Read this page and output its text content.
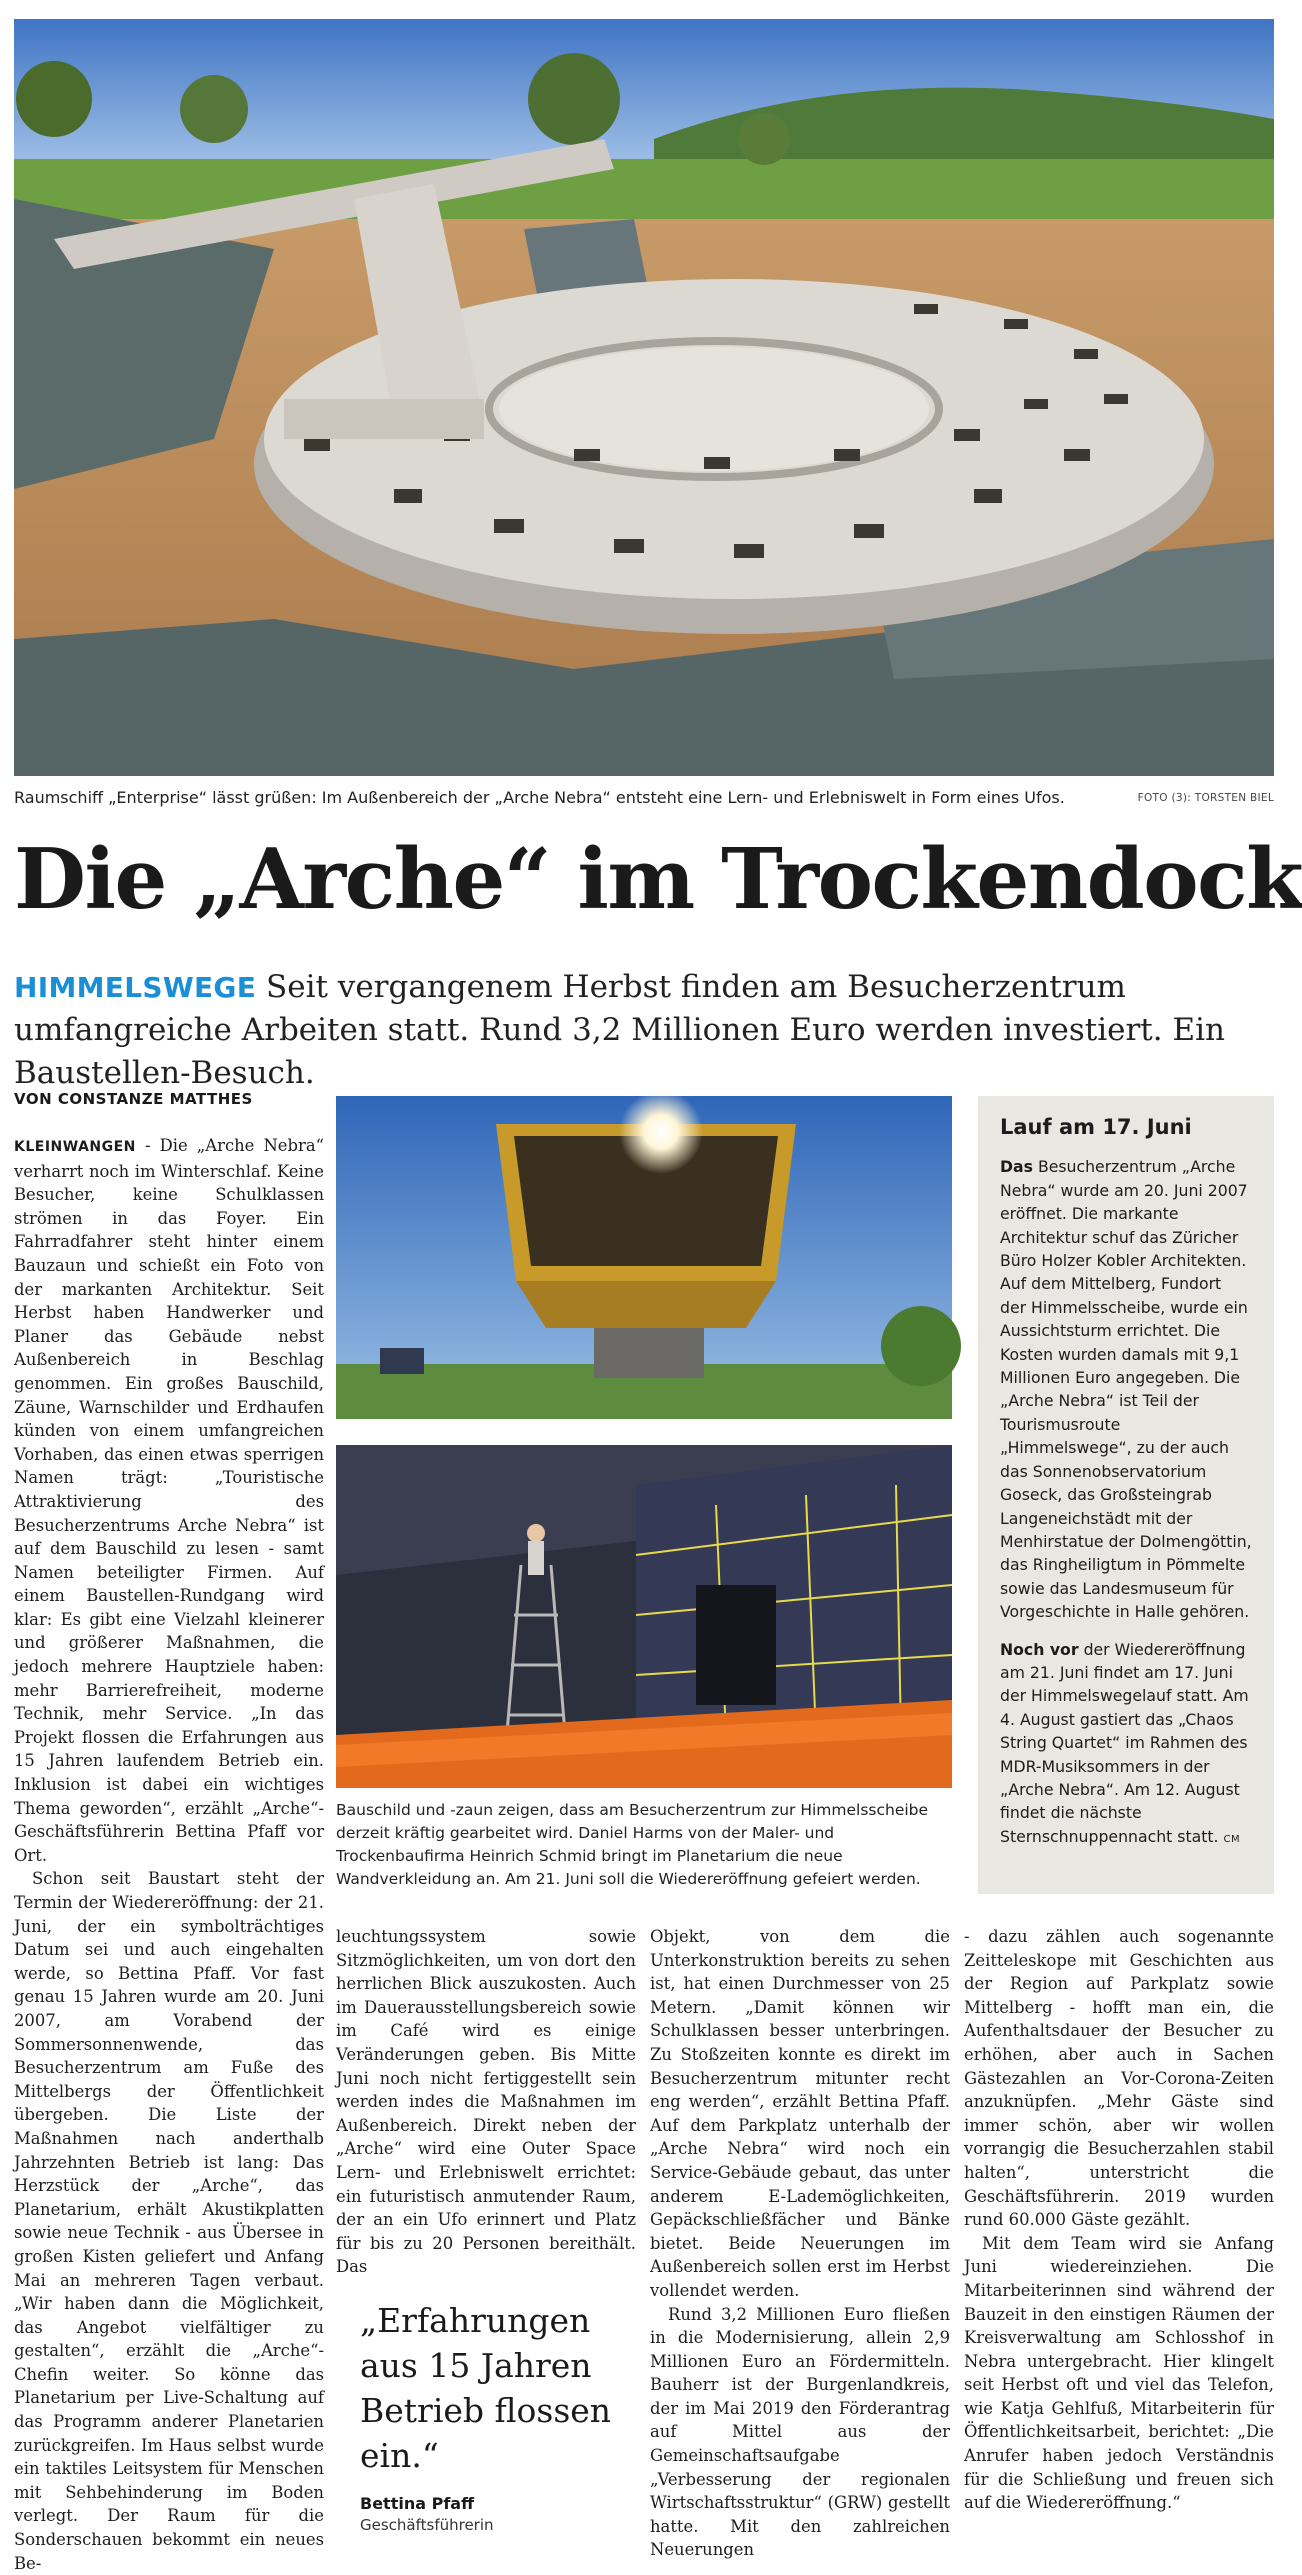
Raumschiff „Enterprise“ lässt grüßen: Im Außenbereich der „Arche Nebra“ entsteht eine Lern- und Erlebniswelt in Form eines Ufos.	FOTO (3): TORSTEN BIEL
Die „Arche“ im Trockendock
HIMMELSWEGE Seit vergangenem Herbst finden am Besucherzentrum umfangreiche Arbeiten statt. Rund 3,2 Millionen Euro werden investiert. Ein Baustellen-Besuch.
VON CONSTANZE MATTHES

KLEINWANGEN - Die „Arche Nebra“ verharrt noch im Winterschlaf. Keine Besucher, keine Schulklassen strömen in das Foyer. Ein Fahrradfahrer steht hinter einem Bauzaun und schießt ein Foto von der markanten Architektur. Seit Herbst haben Handwerker und Planer das Gebäude nebst Außenbereich in Beschlag genommen. Ein großes Bauschild, Zäune, Warnschilder und Erdhaufen künden von einem umfangreichen Vorhaben, das einen etwas sperrigen Namen trägt: „Touristische Attraktivierung des Besucherzentrums Arche Nebra“ ist auf dem Bauschild zu lesen - samt Namen beteiligter Firmen. Auf einem Baustellen-Rundgang wird klar: Es gibt eine Vielzahl kleinerer und größerer Maßnahmen, die jedoch mehrere Hauptziele haben: mehr Barrierefreiheit, moderne Technik, mehr Service. „In das Projekt flossen die Erfahrungen aus 15 Jahren laufendem Betrieb ein. Inklusion ist dabei ein wichtiges Thema geworden“, erzählt „Arche“-Geschäftsführerin Bettina Pfaff vor Ort.

Schon seit Baustart steht der Termin der Wiedereröffnung: der 21. Juni, der ein symbolträchtiges Datum sei und auch eingehalten werde, so Bettina Pfaff. Vor fast genau 15 Jahren wurde am 20. Juni 2007, am Vorabend der Sommersonnenwende, das Besucherzentrum am Fuße des Mittelbergs der Öffentlichkeit übergeben. Die Liste der Maßnahmen nach anderthalb Jahrzehnten Betrieb ist lang: Das Herzstück der „Arche“, das Planetarium, erhält Akustikplatten sowie neue Technik - aus Übersee in großen Kisten geliefert und Anfang Mai an mehreren Tagen verbaut. „Wir haben dann die Möglichkeit, das Angebot vielfältiger zu gestalten“, erzählt die „Arche“-Chefin weiter. So könne das Planetarium per Live-Schaltung auf das Programm anderer Planetarien zurückgreifen. Im Haus selbst wurde ein taktiles Leitsystem für Menschen mit Sehbehinderung im Boden verlegt. Der Raum für die Sonderschauen bekommt ein neues Be-

Bauschild und -zaun zeigen, dass am Besucherzentrum zur Himmelsscheibe derzeit kräftig gearbeitet wird. Daniel Harms von der Maler- und Trockenbaufirma Heinrich Schmid bringt im Planetarium die neue Wandverkleidung an. Am 21. Juni soll die Wiedereröffnung gefeiert werden.
Lauf am 17. Juni

Das Besucherzentrum „Arche Nebra“ wurde am 20. Juni 2007 eröffnet. Die markante Architektur schuf das Züricher Büro Holzer Kobler Architekten. Auf dem Mittelberg, Fundort der Himmelsscheibe, wurde ein Aussichtsturm errichtet. Die Kosten wurden damals mit 9,1 Millionen Euro angegeben. Die „Arche Nebra“ ist Teil der Tourismusroute „Himmelswege“, zu der auch das Sonnenobservatorium Goseck, das Großsteingrab Langeneichstädt mit der Menhirstatue der Dolmengöttin, das Ringheiligtum in Pömmelte sowie das Landesmuseum für Vorgeschichte in Halle gehören.

Noch vor der Wiedereröffnung am 21. Juni findet am 17. Juni der Himmelswegelauf statt. Am 4. August gastiert das „Chaos String Quartet“ im Rahmen des MDR-Musiksommers in der „Arche Nebra“. Am 12. August findet die nächste Sternschnuppennacht statt. CM

leuchtungssystem sowie Sitzmöglichkeiten, um von dort den herrlichen Blick auszukosten. Auch im Dauerausstellungsbereich sowie im Café wird es einige Veränderungen geben. Bis Mitte Juni noch nicht fertiggestellt sein werden indes die Maßnahmen im Außenbereich. Direkt neben der „Arche“ wird eine Outer Space Lern- und Erlebniswelt errichtet: ein futuristisch anmutender Raum, der an ein Ufo erinnert und Platz für bis zu 20 Personen bereithält. Das

„Erfahrungen aus 15 Jahren Betrieb flossen ein.“
Bettina Pfaff
Geschäftsführerin

Objekt, von dem die Unterkonstruktion bereits zu sehen ist, hat einen Durchmesser von 25 Metern. „Damit können wir Schulklassen besser unterbringen. Zu Stoßzeiten konnte es direkt im Besucherzentrum mitunter recht eng werden“, erzählt Bettina Pfaff. Auf dem Parkplatz unterhalb der „Arche Nebra“ wird noch ein Service-Gebäude gebaut, das unter anderem E-Lademöglichkeiten, Gepäckschließfächer und Bänke bietet. Beide Neuerungen im Außenbereich sollen erst im Herbst vollendet werden.

Rund 3,2 Millionen Euro fließen in die Modernisierung, allein 2,9 Millionen Euro an Fördermitteln. Bauherr ist der Burgenlandkreis, der im Mai 2019 den Förderantrag auf Mittel aus der Gemeinschaftsaufgabe „Verbesserung der regionalen Wirtschaftsstruktur“ (GRW) gestellt hatte. Mit den zahlreichen Neuerungen

- dazu zählen auch sogenannte Zeitteleskope mit Geschichten aus der Region auf Parkplatz sowie Mittelberg - hofft man ein, die Aufenthaltsdauer der Besucher zu erhöhen, aber auch in Sachen Gästezahlen an Vor-Corona-Zeiten anzuknüpfen. „Mehr Gäste sind immer schön, aber wir wollen vorrangig die Besucherzahlen stabil halten“, unterstricht die Geschäftsführerin. 2019 wurden rund 60.000 Gäste gezählt.

Mit dem Team wird sie Anfang Juni wiedereinziehen. Die Mitarbeiterinnen sind während der Bauzeit in den einstigen Räumen der Kreisverwaltung am Schlosshof in Nebra untergebracht. Hier klingelt seit Herbst oft und viel das Telefon, wie Katja Gehlfuß, Mitarbeiterin für Öffentlichkeitsarbeit, berichtet: „Die Anrufer haben jedoch Verständnis für die Schließung und freuen sich auf die Wiedereröffnung.“
